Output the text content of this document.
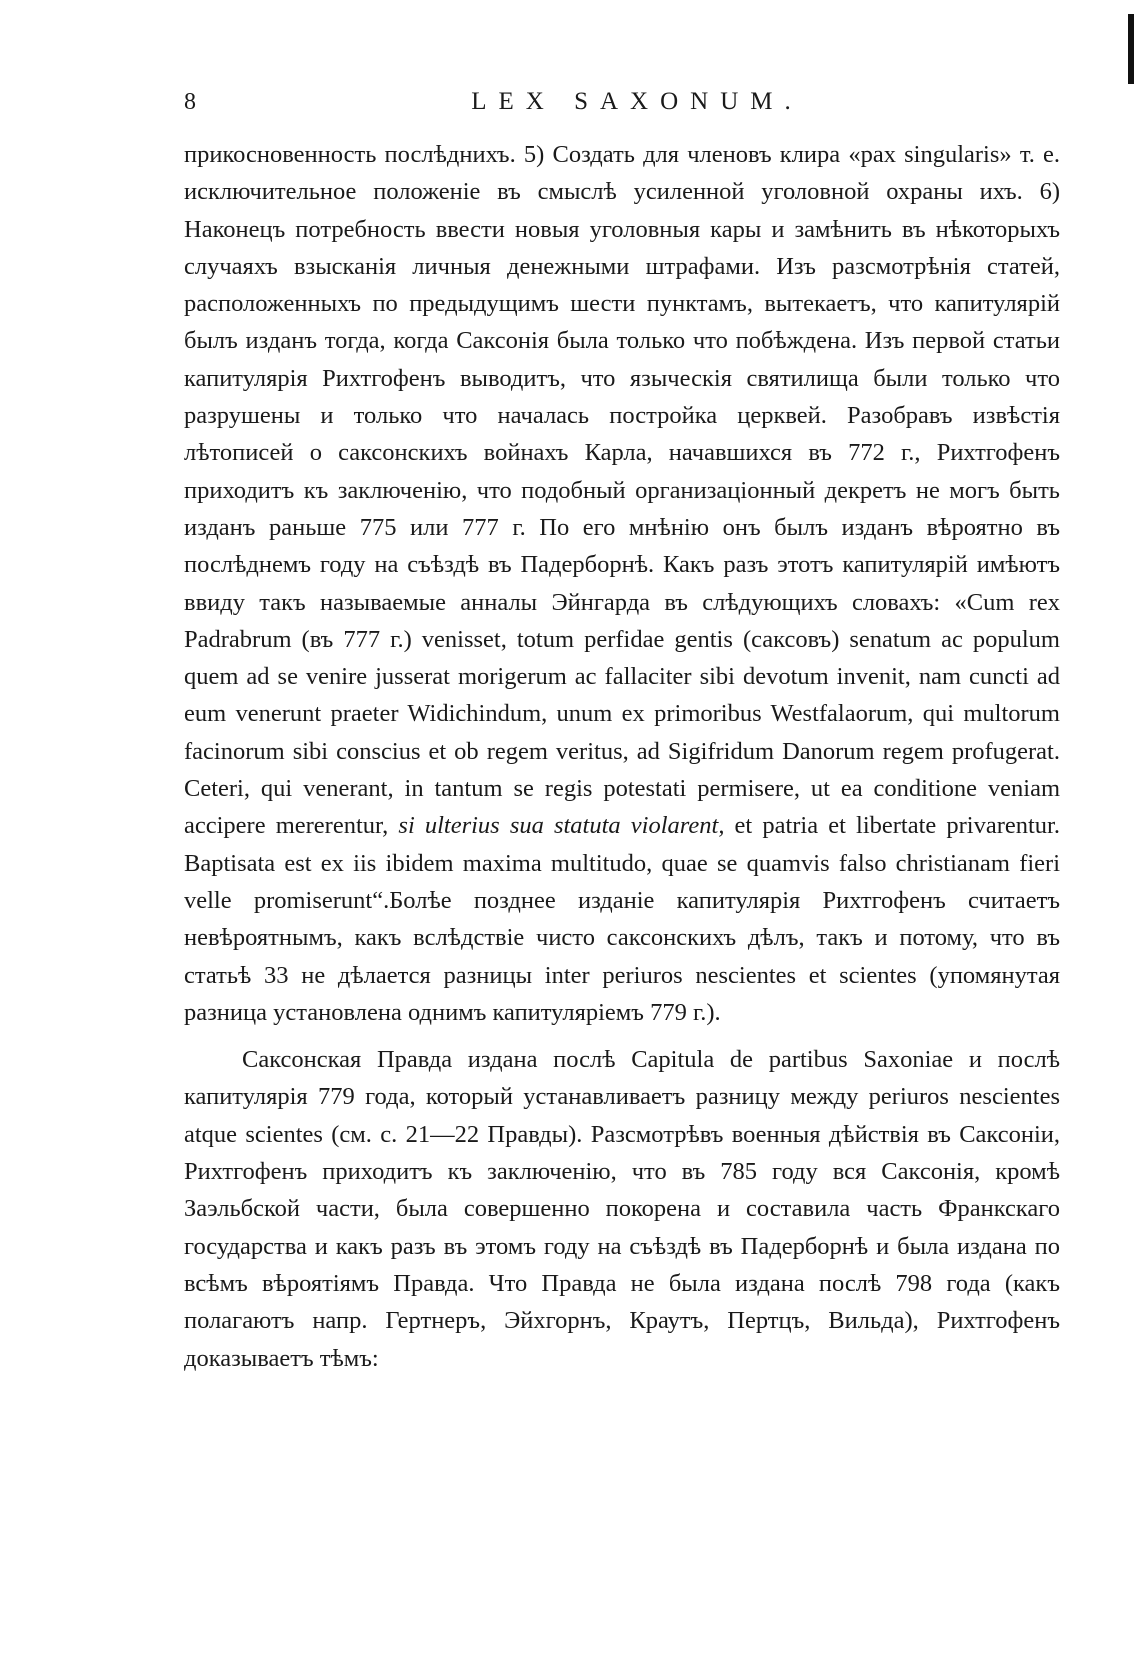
8	LEX SAXONUM.

прикосновенность послѣднихъ. 5) Создать для членовъ клира «pax singularis» т. е. исключительное положеніе въ смыслѣ усиленной уголовной охраны ихъ. 6) Наконецъ потребность ввести новыя уголовныя кары и замѣнить въ нѣкоторыхъ случаяхъ взысканія личныя денежными штрафами. Изъ разсмотрѣнія статей, расположенныхъ по предыдущимъ шести пунктамъ, вытекаетъ, что капитулярій былъ изданъ тогда, когда Саксонія была только что побѣждена. Изъ первой статьи капитулярія Рихтгофенъ выводитъ, что языческія святилища были только что разрушены и только что началась постройка церквей. Разобравъ извѣстія лѣтописей о саксонскихъ войнахъ Карла, начавшихся въ 772 г., Рихтгофенъ приходитъ къ заключенію, что подобный организаціонный декретъ не могъ быть изданъ раньше 775 или 777 г. По его мнѣнію онъ былъ изданъ вѣроятно въ послѣднемъ году на съѣздѣ въ Падерборнѣ. Какъ разъ этотъ капитулярій имѣютъ ввиду такъ называемые анналы Эйнгарда въ слѣдующихъ словахъ: «Cum rex Padrabrum (въ 777 г.) venisset, totum perfidae gentis (саксовъ) senatum ac populum quem ad se venire jusserat morigerum ac fallaciter sibi devotum invenit, nam cuncti ad eum venerunt praeter Widichindum, unum ex primoribus Westfalaorum, qui multorum facinorum sibi conscius et ob regem veritus, ad Sigifridum Danorum regem profugerat. Ceteri, qui venerant, in tantum se regis potestati permisere, ut ea conditione veniam accipere mererentur, si ulterius sua statuta violarent, et patria et libertate privarentur. Baptisata est ex iis ibidem maxima multitudo, quae se quamvis falso christianam fieri velle promiserunt“.Болѣе позднее изданіе капитулярія Рихтгофенъ считаетъ невѣроятнымъ, какъ вслѣдствіе чисто саксонскихъ дѣлъ, такъ и потому, что въ статьѣ 33 не дѣлается разницы inter periuros nescientes et scientes (упомянутая разница установлена однимъ капитуляріемъ 779 г.).

Саксонская Правда издана послѣ Capitula de partibus Saxoniae и послѣ капитулярія 779 года, который устанавливаетъ разницу между periuros nescientes atque scientes (см. с. 21—22 Правды). Разсмотрѣвъ военныя дѣйствія въ Саксоніи, Рихтгофенъ приходитъ къ заключенію, что въ 785 году вся Саксонія, кромѣ Заэльбской части, была совершенно покорена и составила часть Франкскаго государства и какъ разъ въ этомъ году на съѣздѣ въ Падерборнѣ и была издана по всѣмъ вѣроятіямъ Правда. Что Правда не была издана послѣ 798 года (какъ полагаютъ напр. Гертнеръ, Эйхгорнъ, Краутъ, Пертцъ, Вильда), Рихтгофенъ доказываетъ тѣмъ:
